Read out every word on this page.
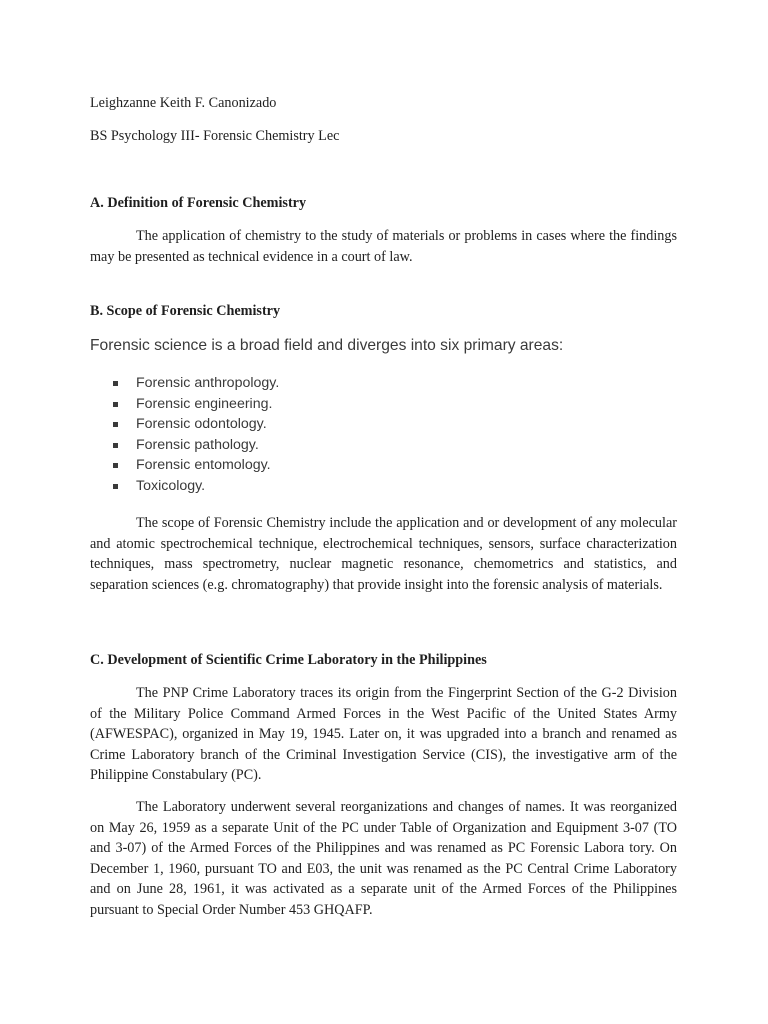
Leighzanne Keith F. Canonizado

BS Psychology III- Forensic Chemistry Lec

A. Definition of Forensic Chemistry

The application of chemistry to the study of materials or problems in cases where the findings may be presented as technical evidence in a court of law.

B. Scope of Forensic Chemistry

Forensic science is a broad field and diverges into six primary areas:

Forensic anthropology.
Forensic engineering.
Forensic odontology.
Forensic pathology.
Forensic entomology.
Toxicology.

The scope of Forensic Chemistry include the application and or development of any molecular and atomic spectrochemical technique, electrochemical techniques, sensors, surface characterization techniques, mass spectrometry, nuclear magnetic resonance, chemometrics and statistics, and separation sciences (e.g. chromatography) that provide insight into the forensic analysis of materials.

C. Development of Scientific Crime Laboratory in the Philippines

The PNP Crime Laboratory traces its origin from the Fingerprint Section of the G-2 Division of the Military Police Command Armed Forces in the West Pacific of the United States Army (AFWESPAC), organized in May 19, 1945. Later on, it was upgraded into a branch and renamed as Crime Laboratory branch of the Criminal Investigation Service (CIS), the investigative arm of the Philippine Constabulary (PC).

The Laboratory underwent several reorganizations and changes of names. It was reorganized on May 26, 1959 as a separate Unit of the PC under Table of Organization and Equipment 3-07 (TO and 3-07) of the Armed Forces of the Philippines and was renamed as PC Forensic Labora tory. On December 1, 1960, pursuant TO and E03, the unit was renamed as the PC Central Crime Laboratory and on June 28, 1961, it was activated as a separate unit of the Armed Forces of the Philippines pursuant to Special Order Number 453 GHQAFP.
